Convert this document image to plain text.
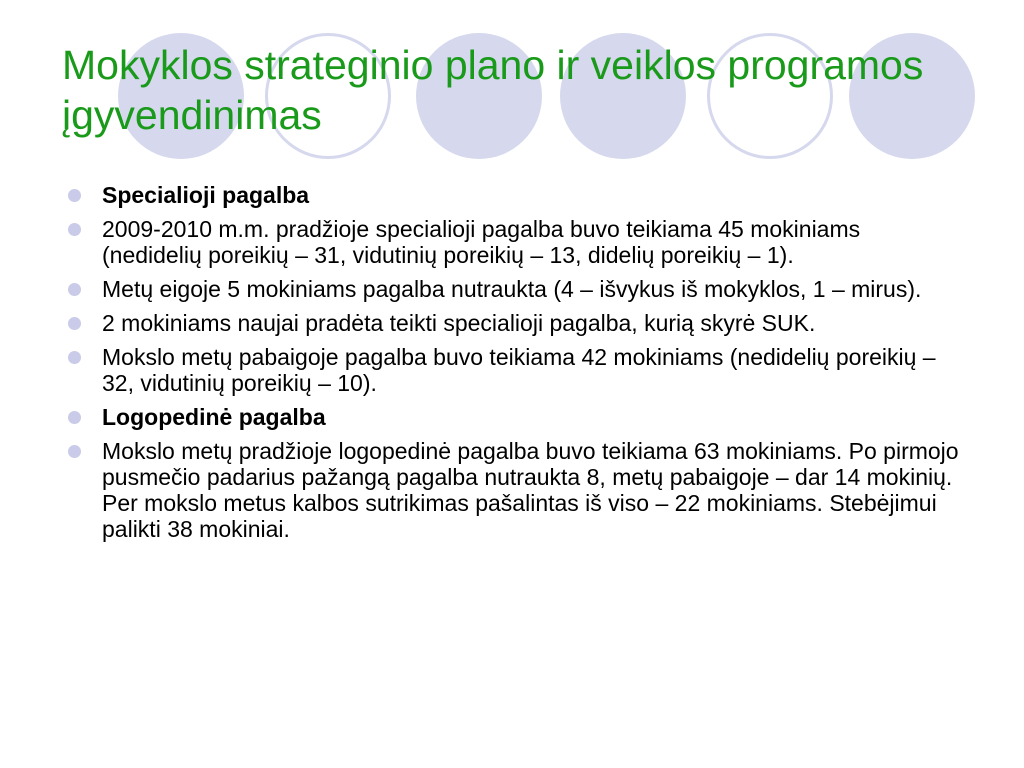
Mokyklos strateginio plano ir veiklos programos įgyvendinimas
Specialioji pagalba
2009-2010 m.m. pradžioje specialioji pagalba buvo teikiama 45 mokiniams (nedidelių poreikių – 31, vidutinių poreikių – 13, didelių poreikių – 1).
Metų eigoje 5 mokiniams pagalba nutraukta (4 – išvykus iš mokyklos, 1 – mirus).
2 mokiniams naujai pradėta teikti specialioji pagalba, kurią skyrė SUK.
Mokslo metų pabaigoje pagalba buvo teikiama 42 mokiniams (nedidelių poreikių – 32, vidutinių poreikių – 10).
Logopedinė pagalba
Mokslo metų pradžioje logopedinė pagalba buvo teikiama 63 mokiniams. Po pirmojo pusmečio padarius pažangą pagalba nutraukta 8, metų pabaigoje – dar 14 mokinių. Per mokslo metus kalbos sutrikimas pašalintas iš viso – 22 mokiniams. Stebėjimui palikti 38 mokiniai.
